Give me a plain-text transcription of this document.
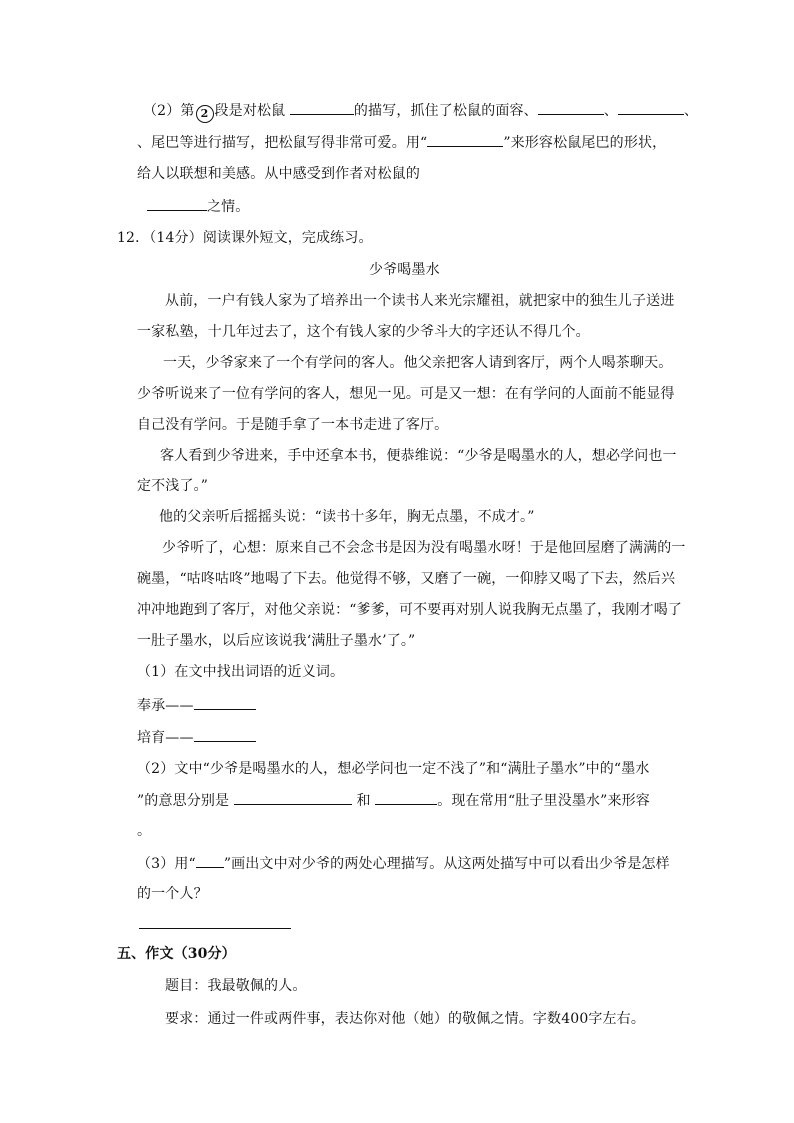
（2）第 2 段是对松鼠	的描写，抓住了松鼠的面容、	、	、
、尾巴等进行描写，把松鼠写得非常可爱。用“	”来形容松鼠尾巴的形状，
给人以联想和美感。从中感受到作者对松鼠的
之情。
12．（14分）阅读课外短文，完成练习。
少爷喝墨水
从前，一户有钱人家为了培养出一个读书人来光宗耀祖，就把家中的独生儿子送进
一家私塾，十几年过去了，这个有钱人家的少爷斗大的字还认不得几个。
一天，少爷家来了一个有学问的客人。他父亲把客人请到客厅，两个人喝茶聊天。
少爷听说来了一位有学问的客人，想见一见。可是又一想：在有学问的人面前不能显得
自己没有学问。于是随手拿了一本书走进了客厅。
客人看到少爷进来，手中还拿本书，便恭维说：“少爷是喝墨水的人，想必学问也一
定不浅了。”
他的父亲听后摇摇头说：“读书十多年，胸无点墨，不成才。”
少爷听了，心想：原来自己不会念书是因为没有喝墨水呀！于是他回屋磨了满满的一
碗墨，“咕咚咕咚”地喝了下去。他觉得不够，又磨了一碗，一仰脖又喝了下去，然后兴
冲冲地跑到了客厅，对他父亲说：“爹爹，可不要再对别人说我胸无点墨了，我刚才喝了
一肚子墨水，以后应该说我‘满肚子墨水’了。”
（1）在文中找出词语的近义词。
奉承——
培育——
（2）文中“少爷是喝墨水的人，想必学问也一定不浅了”和“满肚子墨水”中的“墨水
”的意思分别是	和	。现在常用“肚子里没墨水”来形容
。
（3）用“ ”画出文中对少爷的两处心理描写。从这两处描写中可以看出少爷是怎样
的一个人？
五、作文（30分）
题目：我最敬佩的人。
要求：通过一件或两件事，表达你对他（她）的敬佩之情。字数400字左右。
